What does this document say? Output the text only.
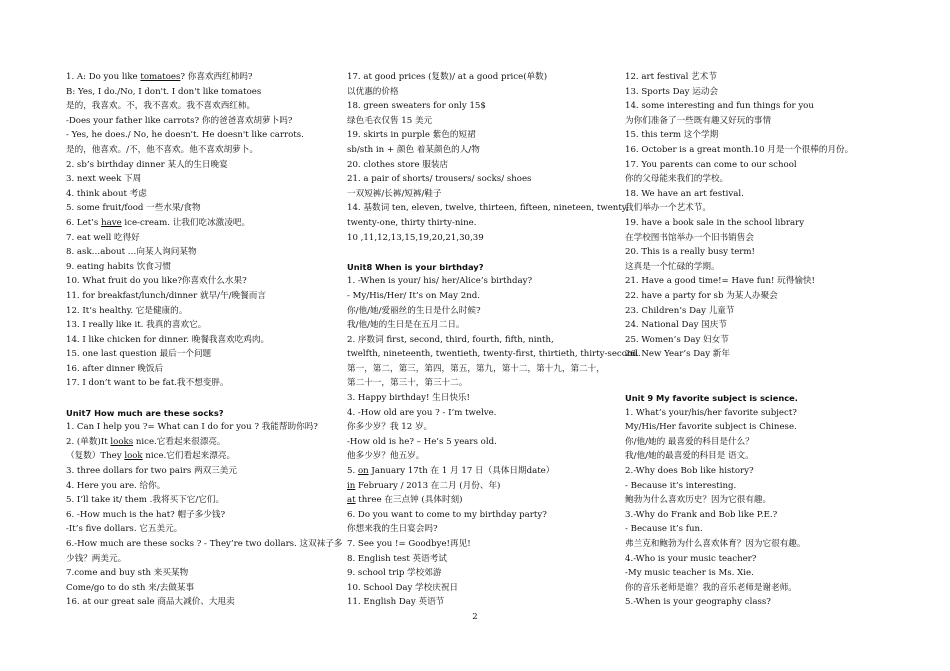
1. A: Do you like tomatoes? 你喜欢西红柿吗?
B: Yes, I do./No, I don't. I don't like tomatoes
是的，我喜欢。不，我不喜欢。我不喜欢西红柿。
-Does your father like carrots? 你的爸爸喜欢胡萝卜吗?
- Yes, he does./ No, he doesn't. He doesn't like carrots.
是的，他喜欢。/不，他不喜欢。他不喜欢胡萝卜。
2. sb’s birthday dinner 某人的生日晚宴
3. next week 下周
4. think about 考虑
5. some fruit/food 一些水果/食物
6. Let’s have ice-cream. 让我们吃冰激凌吧。
7. eat well 吃得好
8. ask…about …向某人询问某物
9. eating habits 饮食习惯
10. What fruit do you like?你喜欢什么水果?
11. for breakfast/lunch/dinner 就早/午/晚餐而言
12. It’s healthy. 它是健康的。
13. I really like it. 我真的喜欢它。
14. I like chicken for dinner. 晚餐我喜欢吃鸡肉。
15. one last question 最后一个问题
16. after dinner 晚饭后
17. I don’t want to be fat.我不想变胖。
Unit7 How much are these socks?
1. Can I help you ?= What can I do for you ? 我能帮助你吗?
2. (单数)It looks nice.它看起来很漂亮。
（复数）They look nice.它们看起来漂亮。
3. three dollars for two pairs 两双三美元
4. Here you are. 给你。
5. I’ll take it/ them .我将买下它/它们。
6. -How much is the hat? 帽子多少钱?
-It’s five dollars. 它五美元。
6.-How much are these socks ? - They’re two dollars. 这双袜子多
少钱？两美元。
7.come and buy sth 来买某物
Come/go to do sth 来/去做某事
16. at our great sale 商品大减价、大甩卖
17. at good prices (复数)/ at a good price(单数)
以优惠的价格
18. green sweaters for only 15$
绿色毛衣仅售 15 美元
19. skirts in purple 紫色的短裙
sb/sth in + 颜色 着某颜色的人/物
20. clothes store 服装店
21. a pair of shorts/ trousers/ socks/ shoes
一双短裤/长裤/短裤/鞋子
14. 基数词 ten, eleven, twelve, thirteen, fifteen, nineteen, twenty,
twenty-one, thirty thirty-nine.
10 ,11,12,13,15,19,20,21,30,39
Unit8 When is your birthday?
1. -When is your/ his/ her/Alice’s birthday?
- My/His/Her/ It’s on May 2nd.
你/他/她/爱丽丝的生日是什么时候?
我/他/她的生日是在五月二日。
2. 序数词 first, second, third, fourth, fifth, ninth,
twelfth, nineteenth, twentieth, twenty-first, thirtieth, thirty-second.
第一，第二，第三，第四，第五，第九，第十二，第十九，第二十，
第二十一，第三十，第三十二。
3. Happy birthday! 生日快乐!
4. -How old are you ? - I’m twelve.
你多少岁？我 12 岁。
-How old is he? – He’s 5 years old.
他多少岁？他五岁。
5. on January 17th 在 1 月 17 日（具体日期date）
in February / 2013 在二月 (月份、年)
at three 在三点钟 (具体时刻)
6. Do you want to come to my birthday party?
你想来我的生日宴会吗?
7. See you != Goodbye!再见!
8. English test 英语考试
9. school trip 学校郊游
10. School Day 学校庆祝日
11. English Day 英语节
12. art festival 艺术节
13. Sports Day 运动会
14. some interesting and fun things for you
为你们准备了一些既有趣又好玩的事情
15. this term 这个学期
16. October is a great month.10 月是一个很棒的月份。
17. You parents can come to our school
你的父母能来我们的学校。
18. We have an art festival.
我们举办一个艺术节。
19. have a book sale in the school library
在学校图书馆举办一个旧书销售会
20. This is a really busy term!
这真是一个忙碌的学期。
21. Have a good time!= Have fun! 玩得愉快!
22. have a party for sb 为某人办聚会
23. Children’s Day 儿童节
24. National Day 国庆节
25. Women’s Day 妇女节
26. New Year’s Day 新年
Unit 9 My favorite subject is science.
1. What’s your/his/her favorite subject?
My/His/Her favorite subject is Chinese.
你/他/她的 最喜爱的科目是什么？
我/他/她的最喜爱的科目是 语文。
2.-Why does Bob like history?
- Because it’s interesting.
鲍勃为什么喜欢历史？因为它很有趣。
3.-Why do Frank and Bob like P.E.?
- Because it’s fun.
弗兰克和鲍勃为什么喜欢体育？因为它很有趣。
4.-Who is your music teacher?
-My music teacher is Ms. Xie.
你的音乐老师是谁？我的音乐老师是谢老师。
5.-When is your geography class?
2
